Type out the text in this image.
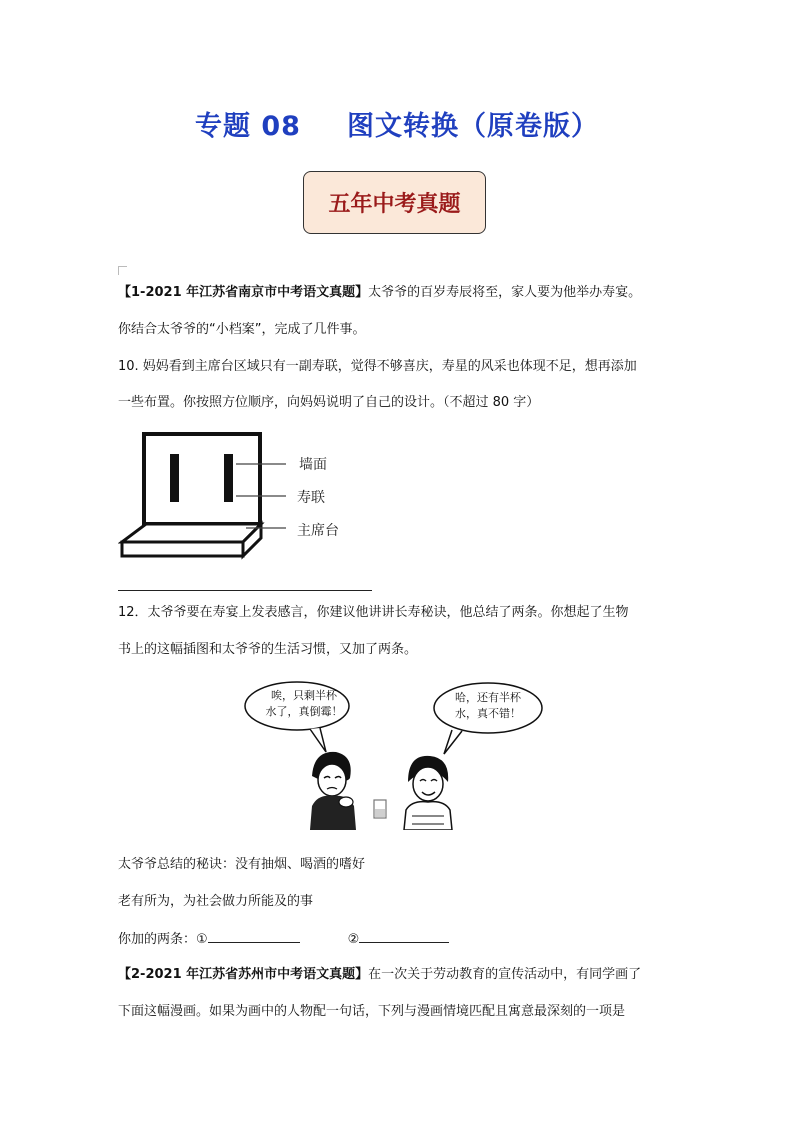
专题 08 图文转换（原卷版）
五年中考真题
【1-2021 年江苏省南京市中考语文真题】太爷爷的百岁寿辰将至，家人要为他举办寿宴。
你结合太爷爷的“小档案”，完成了几件事。
10. 妈妈看到主席台区域只有一副寿联，觉得不够喜庆，寿星的风采也体现不足，想再添加
一些布置。你按照方位顺序，向妈妈说明了自己的设计。（不超过 80 字）
墙面
寿联
主席台
12．太爷爷要在寿宴上发表感言，你建议他讲讲长寿秘诀，他总结了两条。你想起了生物
书上的这幅插图和太爷爷的生活习惯，又加了两条。
唉，只剩半杯
水了，真倒霉！
哈，还有半杯
水，真不错！
太爷爷总结的秘诀：没有抽烟、喝酒的嗜好
老有所为，为社会做力所能及的事
你加的两条：①	②
【2-2021 年江苏省苏州市中考语文真题】在一次关于劳动教育的宣传活动中，有同学画了
下面这幅漫画。如果为画中的人物配一句话，下列与漫画情境匹配且寓意最深刻的一项是
